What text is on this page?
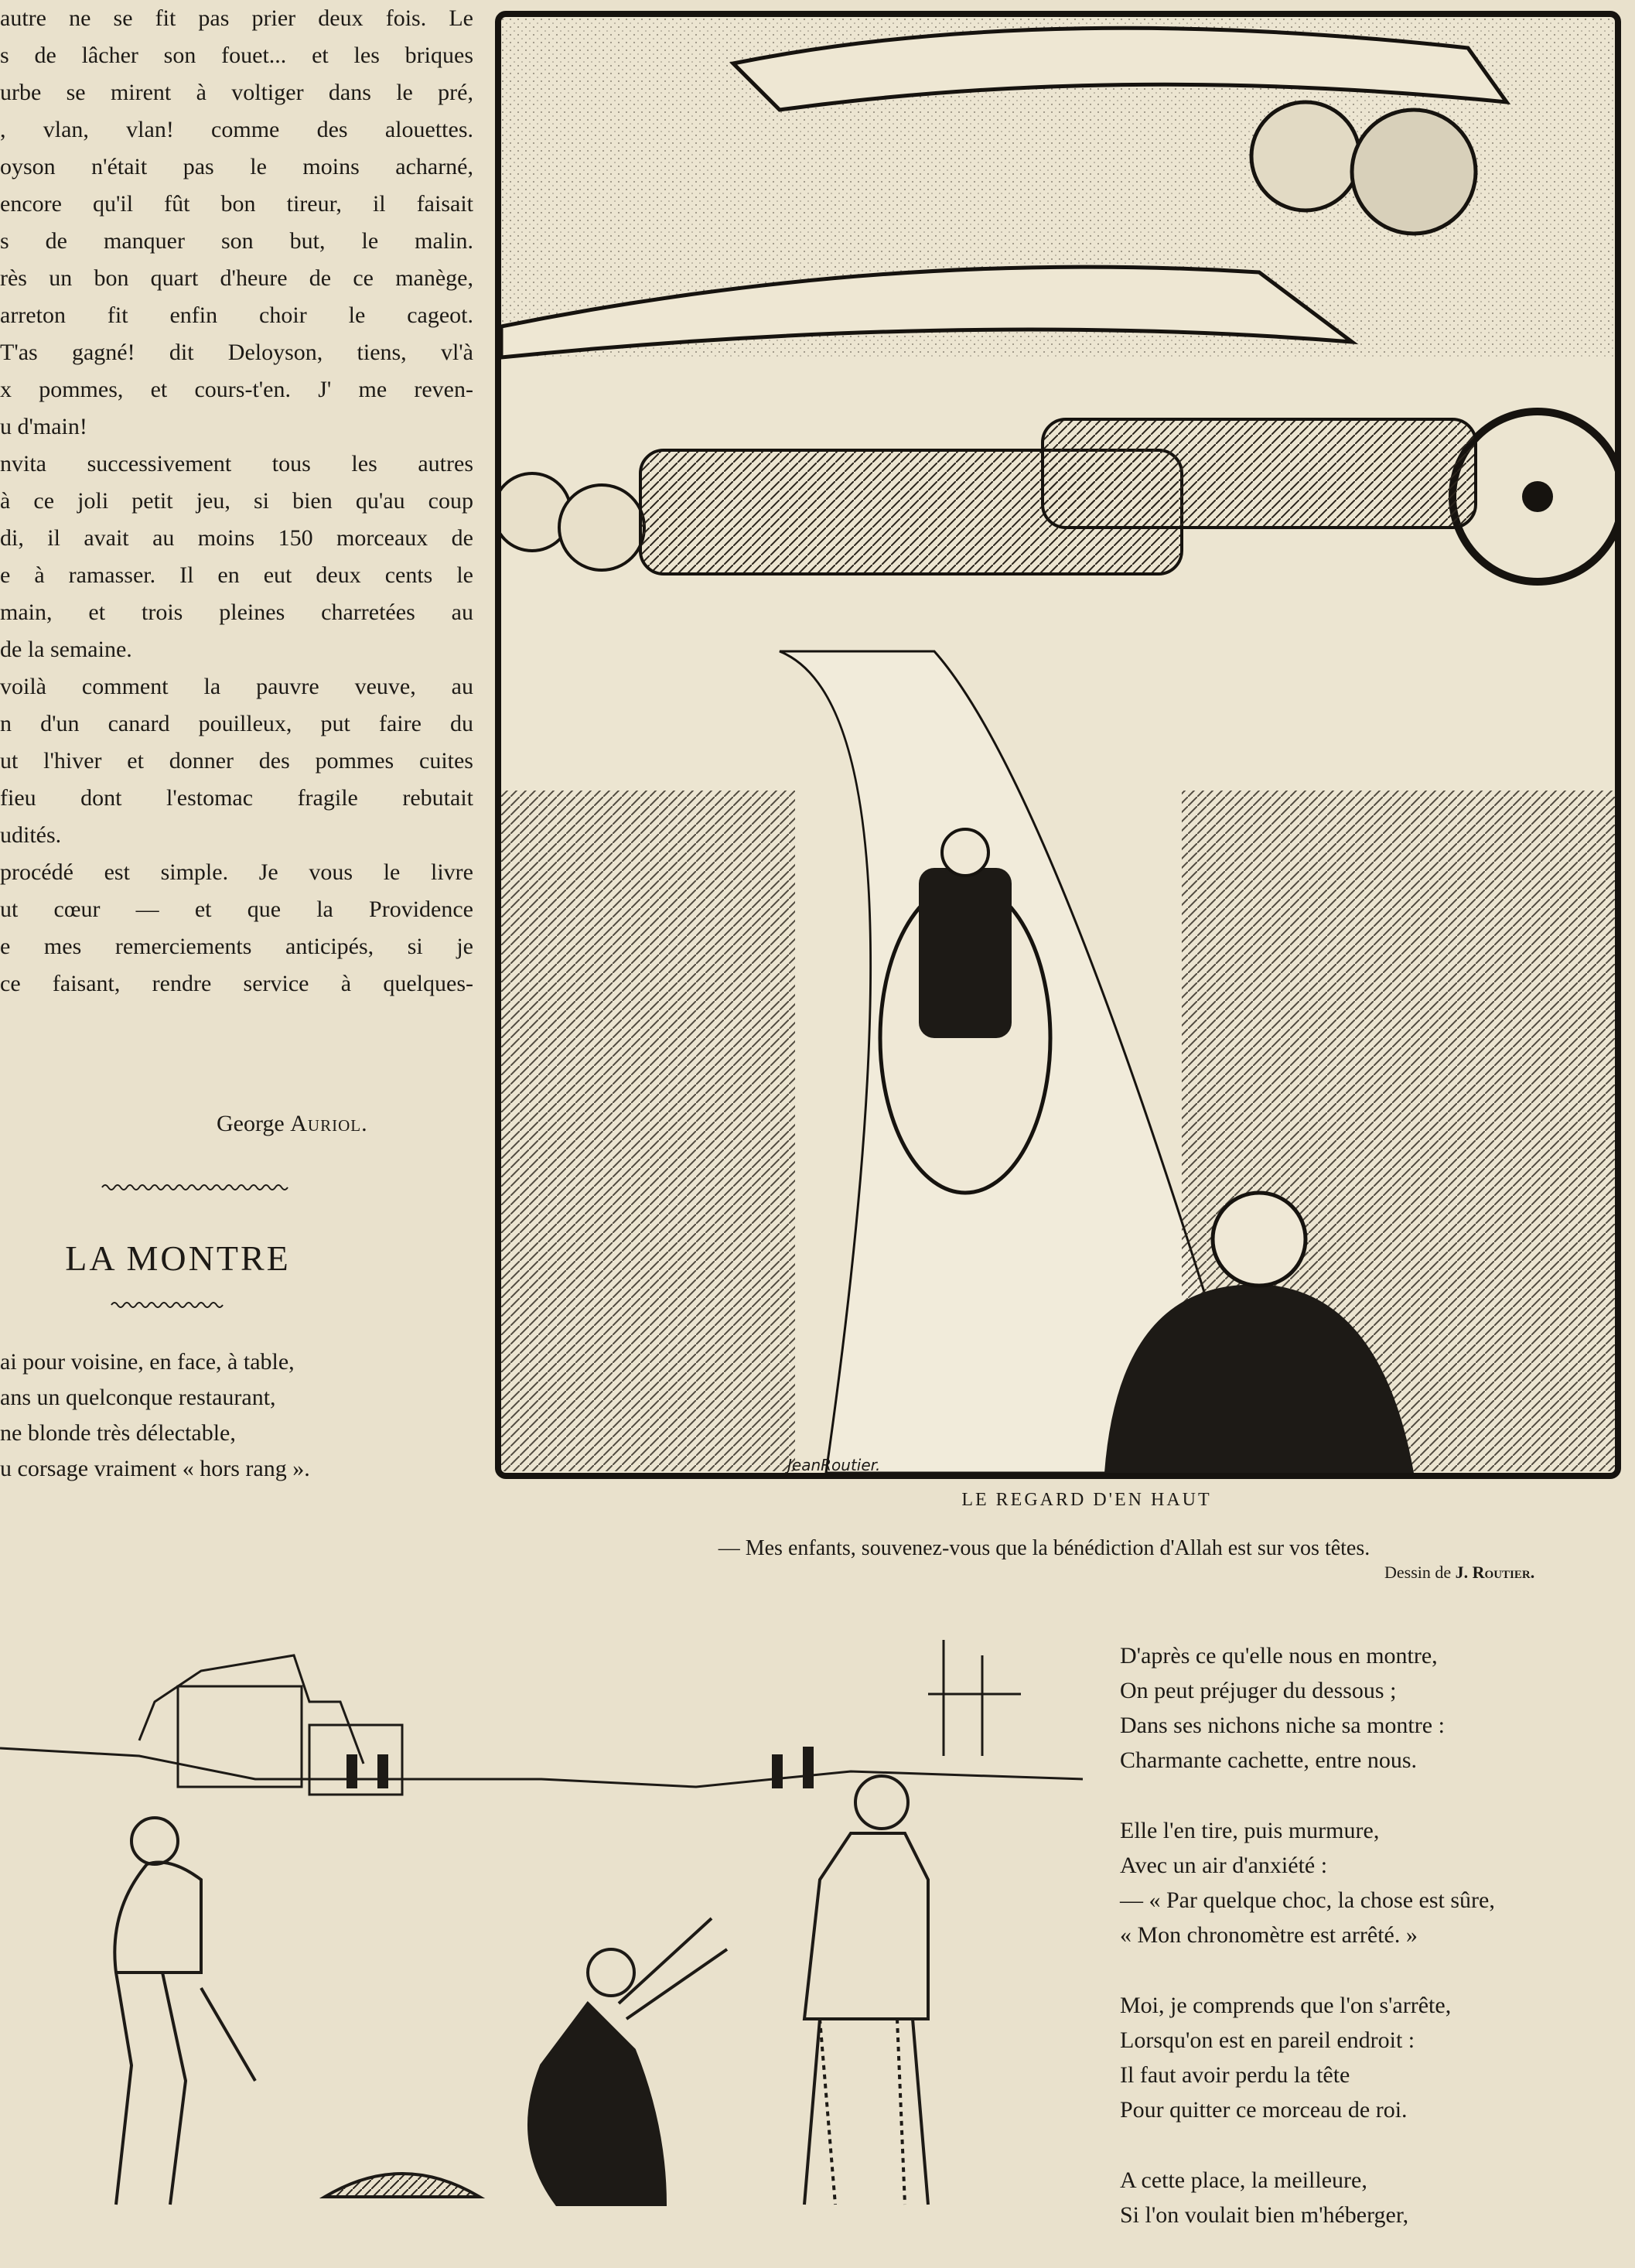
autre ne se fit pas prier deux fois. Le
s de lâcher son fouet... et les briques
urbe se mirent à voltiger dans le pré,
, vlan, vlan! comme des alouettes.
oyson n'était pas le moins acharné,
encore qu'il fût bon tireur, il faisait
s de manquer son but, le malin.
rès un bon quart d'heure de ce manège,
arreton fit enfin choir le cageot.
T'as gagné! dit Deloyson, tiens, vl'à
x pommes, et cours-t'en. J' me reven-
u d'main!
nvita successivement tous les autres
à ce joli petit jeu, si bien qu'au coup
di, il avait au moins 150 morceaux de
e à ramasser. Il en eut deux cents le
main, et trois pleines charretées au
de la semaine.
voilà comment la pauvre veuve, au
n d'un canard pouilleux, put faire du
ut l'hiver et donner des pommes cuites
fieu dont l'estomac fragile rebutait
udités.
procédé est simple. Je vous le livre
ut cœur — et que la Providence
e mes remerciements anticipés, si je
ce faisant, rendre service à quelques-
George Auriol.
LA MONTRE
ai pour voisine, en face, à table,
ans un quelconque restaurant,
ne blonde très délectable,
u corsage vraiment « hors rang ».	JeanRoutier.
LE REGARD D'EN HAUT
— Mes enfants, souvenez-vous que la bénédiction d'Allah est sur vos têtes.
Dessin de J. Routier.
D'après ce qu'elle nous en montre,
On peut préjuger du dessous ;
Dans ses nichons niche sa montre :
Charmante cachette, entre nous.
Elle l'en tire, puis murmure,
Avec un air d'anxiété :
— « Par quelque choc, la chose est sûre,
« Mon chronomètre est arrêté. »
Moi, je comprends que l'on s'arrête,
Lorsqu'on est en pareil endroit :
Il faut avoir perdu la tête
Pour quitter ce morceau de roi.
A cette place, la meilleure,
Si l'on voulait bien m'héberger,
